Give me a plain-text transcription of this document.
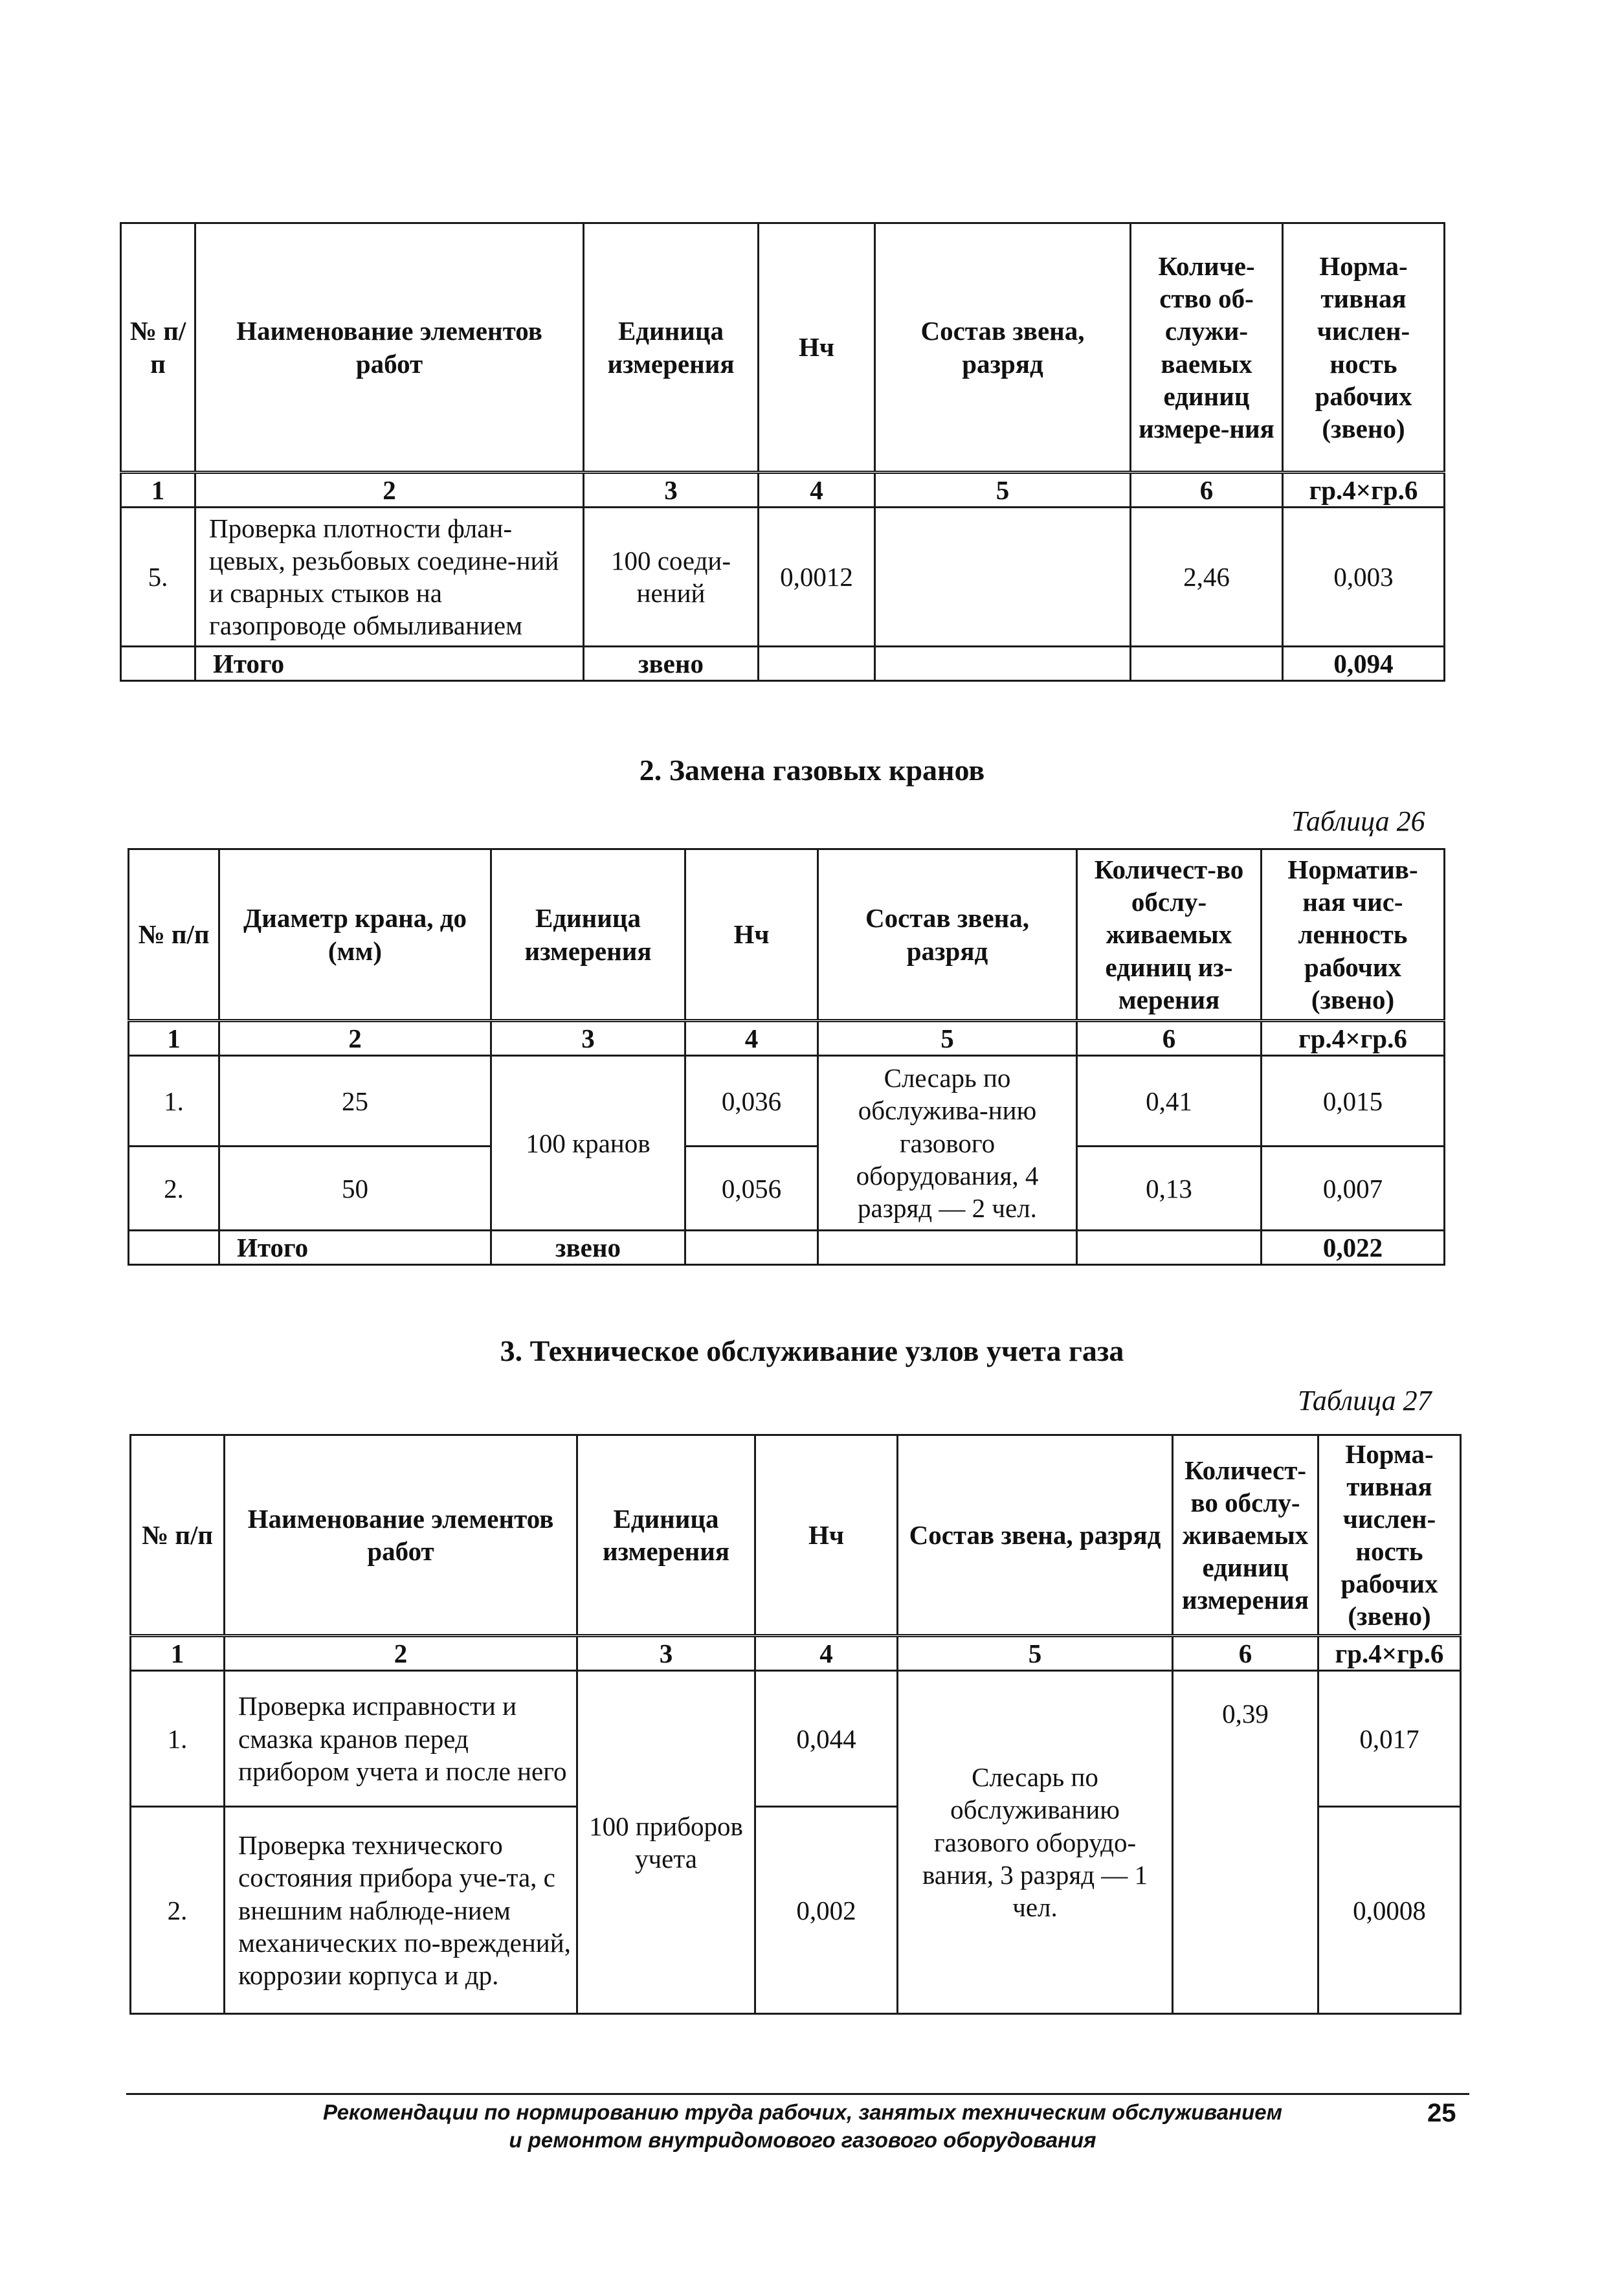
№ п/п	Наименование элементов работ	Единица измерения	Нч	Состав звена, разряд	Количе-ство об-служи-ваемых единиц измере-ния	Норма-тивная числен-ность рабочих (звено)
1	2	3	4	5	6	гр.4×гр.6
5.	Проверка плотности флан-цевых, резьбовых соедине-ний и сварных стыков на газопроводе обмыливанием	100 соеди-нений	0,0012		2,46	0,003
	Итого	звено				0,094
2. Замена газовых кранов
Таблица 26
№ п/п	Диаметр крана, до (мм)	Единица измерения	Нч	Состав звена, разряд	Количест-во обслу-живаемых единиц из-мерения	Норматив-ная чис-ленность рабочих (звено)
1	2	3	4	5	6	гр.4×гр.6
1.	25	100 кранов	0,036	Слесарь по обслужива-нию газового оборудования, 4 разряд — 2 чел.	0,41	0,015
2.	50		0,056		0,13	0,007
	Итого	звено				0,022
3. Техническое обслуживание узлов учета газа
Таблица 27
№ п/п	Наименование элементов работ	Единица измерения	Нч	Состав звена, разряд	Количест-во обслу-живаемых единиц измерения	Норма-тивная числен-ность рабочих (звено)
1	2	3	4	5	6	гр.4×гр.6
1.	Проверка исправности и смазка кранов перед прибором учета и после него	100 приборов учета	0,044	Слесарь по обслуживанию газового оборудо-вания, 3 разряд — 1 чел.	0,39	0,017
2.	Проверка технического состояния прибора уче-та, с внешним наблюде-нием механических по-вреждений, коррозии корпуса и др.		0,002			0,0008
Рекомендации по нормированию труда рабочих, занятых техническим обслуживанием
и ремонтом внутридомового газового оборудования
25
